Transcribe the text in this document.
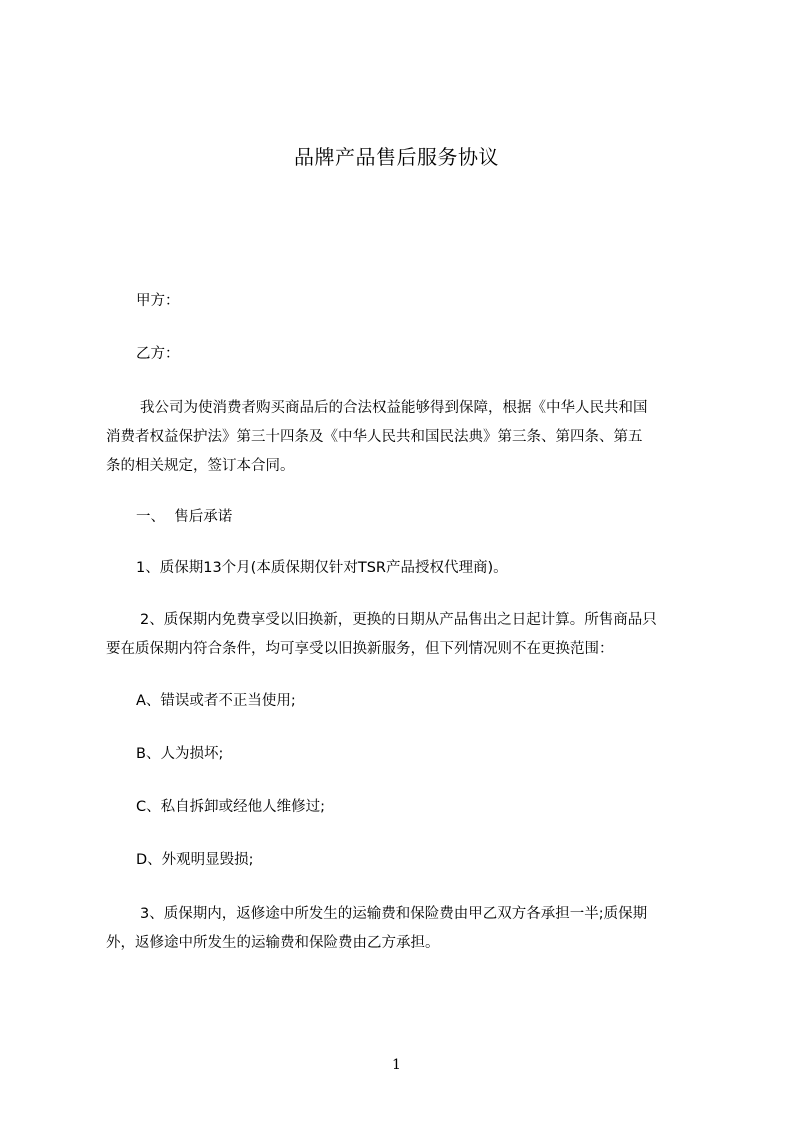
品牌产品售后服务协议
甲方：
乙方：
我公司为使消费者购买商品后的合法权益能够得到保障，根据《中华人民共和国
消费者权益保护法》第三十四条及《中华人民共和国民法典》第三条、第四条、第五
条的相关规定，签订本合同。
一、  售后承诺
1、质保期13个月(本质保期仅针对TSR产品授权代理商)。
2、质保期内免费享受以旧换新，更换的日期从产品售出之日起计算。所售商品只
要在质保期内符合条件，均可享受以旧换新服务，但下列情况则不在更换范围：
A、错误或者不正当使用;
B、人为损坏;
C、私自拆卸或经他人维修过;
D、外观明显毁损;
3、质保期内，返修途中所发生的运输费和保险费由甲乙双方各承担一半;质保期
外，返修途中所发生的运输费和保险费由乙方承担。
1
